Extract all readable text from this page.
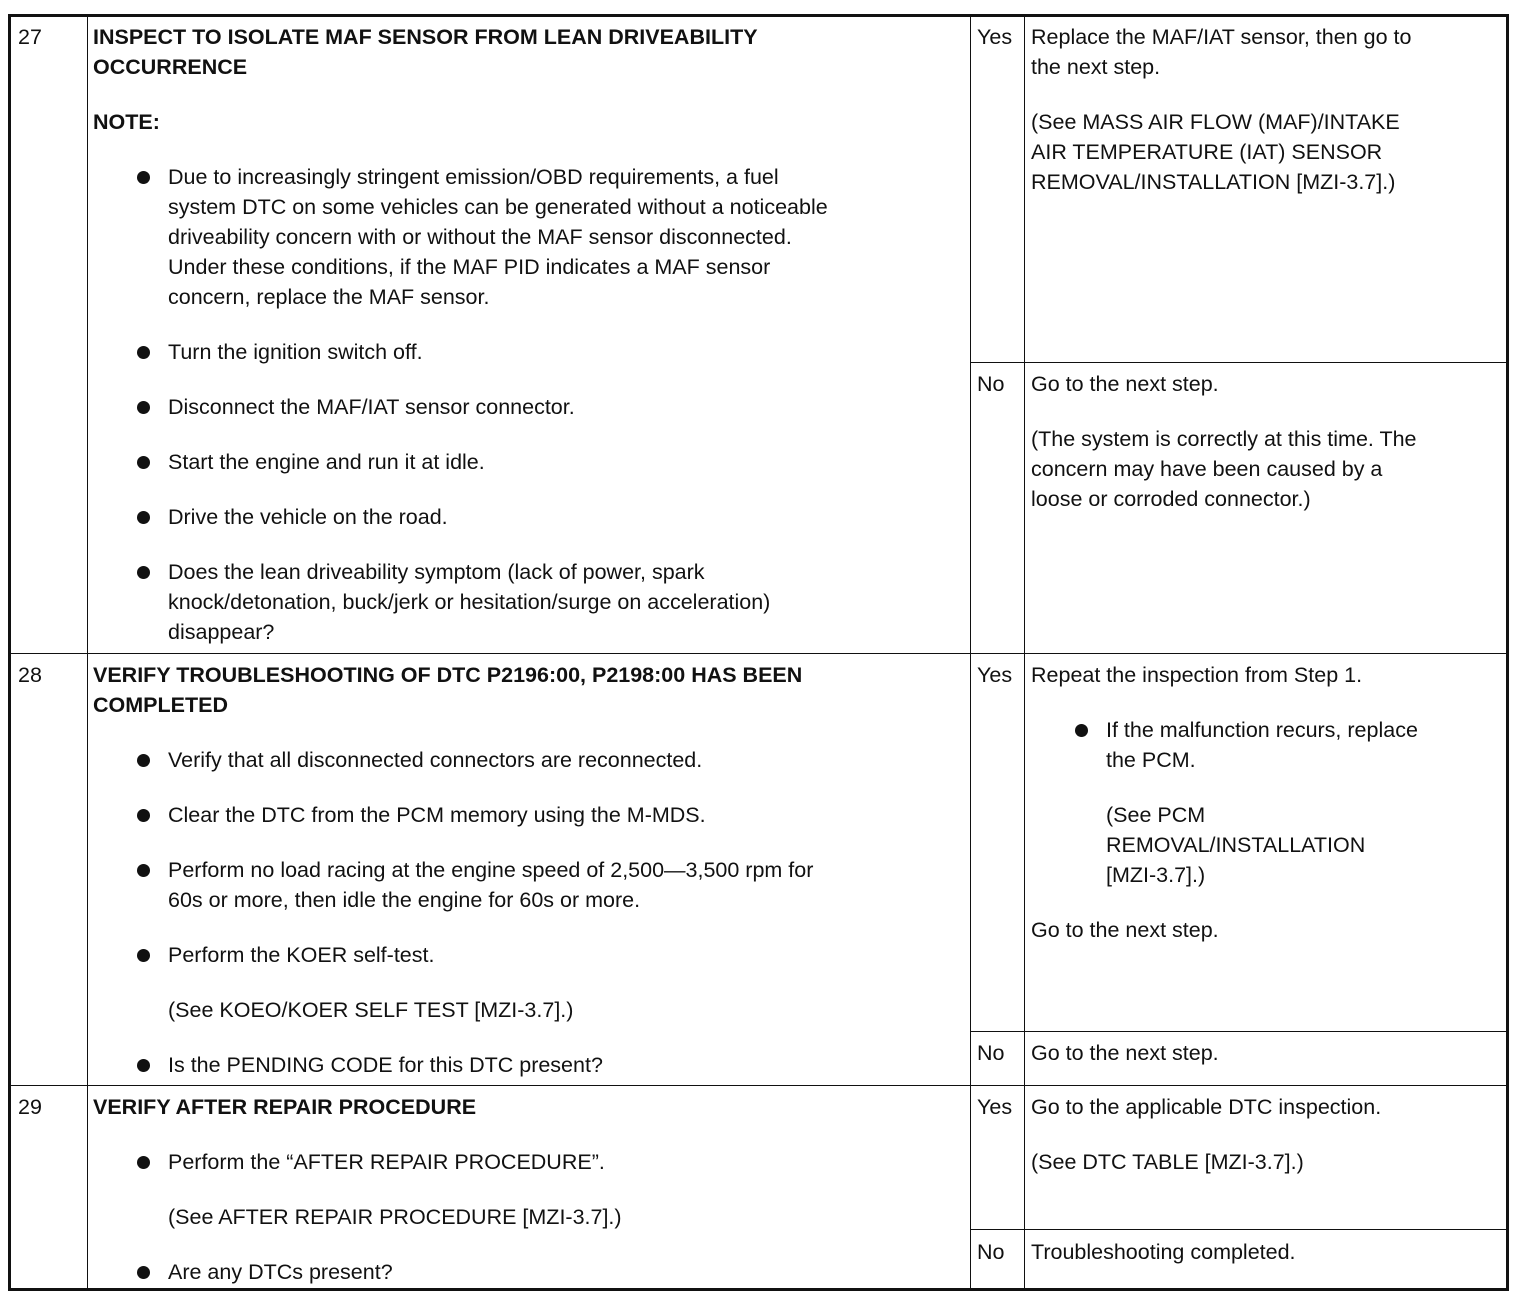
27 INSPECT TO ISOLATE MAF SENSOR FROM LEAN DRIVEABILITY
OCCURRENCE
NOTE:
Due to increasingly stringent emission/OBD requirements, a fuel
system DTC on some vehicles can be generated without a noticeable
driveability concern with or without the MAF sensor disconnected.
Under these conditions, if the MAF PID indicates a MAF sensor
concern, replace the MAF sensor.
Turn the ignition switch off.
Disconnect the MAF/IAT sensor connector.
Start the engine and run it at idle.
Drive the vehicle on the road.
Does the lean driveability symptom (lack of power, spark
knock/detonation, buck/jerk or hesitation/surge on acceleration)
disappear?
Yes Replace the MAF/IAT sensor, then go to
the next step.
(See MASS AIR FLOW (MAF)/INTAKE
AIR TEMPERATURE (IAT) SENSOR
REMOVAL/INSTALLATION [MZI-3.7].)
No Go to the next step.
(The system is correctly at this time. The
concern may have been caused by a
loose or corroded connector.)
28 VERIFY TROUBLESHOOTING OF DTC P2196:00, P2198:00 HAS BEEN
COMPLETED
Verify that all disconnected connectors are reconnected.
Clear the DTC from the PCM memory using the M-MDS.
Perform no load racing at the engine speed of 2,500—3,500 rpm for
60s or more, then idle the engine for 60s or more.
Perform the KOER self-test.
(See KOEO/KOER SELF TEST [MZI-3.7].)
Is the PENDING CODE for this DTC present?
Yes Repeat the inspection from Step 1.
If the malfunction recurs, replace
the PCM.
(See PCM
REMOVAL/INSTALLATION
[MZI-3.7].)
Go to the next step.
No Go to the next step.
29 VERIFY AFTER REPAIR PROCEDURE
Perform the “AFTER REPAIR PROCEDURE”.
(See AFTER REPAIR PROCEDURE [MZI-3.7].)
Are any DTCs present?
Yes Go to the applicable DTC inspection.
(See DTC TABLE [MZI-3.7].)
No Troubleshooting completed.
